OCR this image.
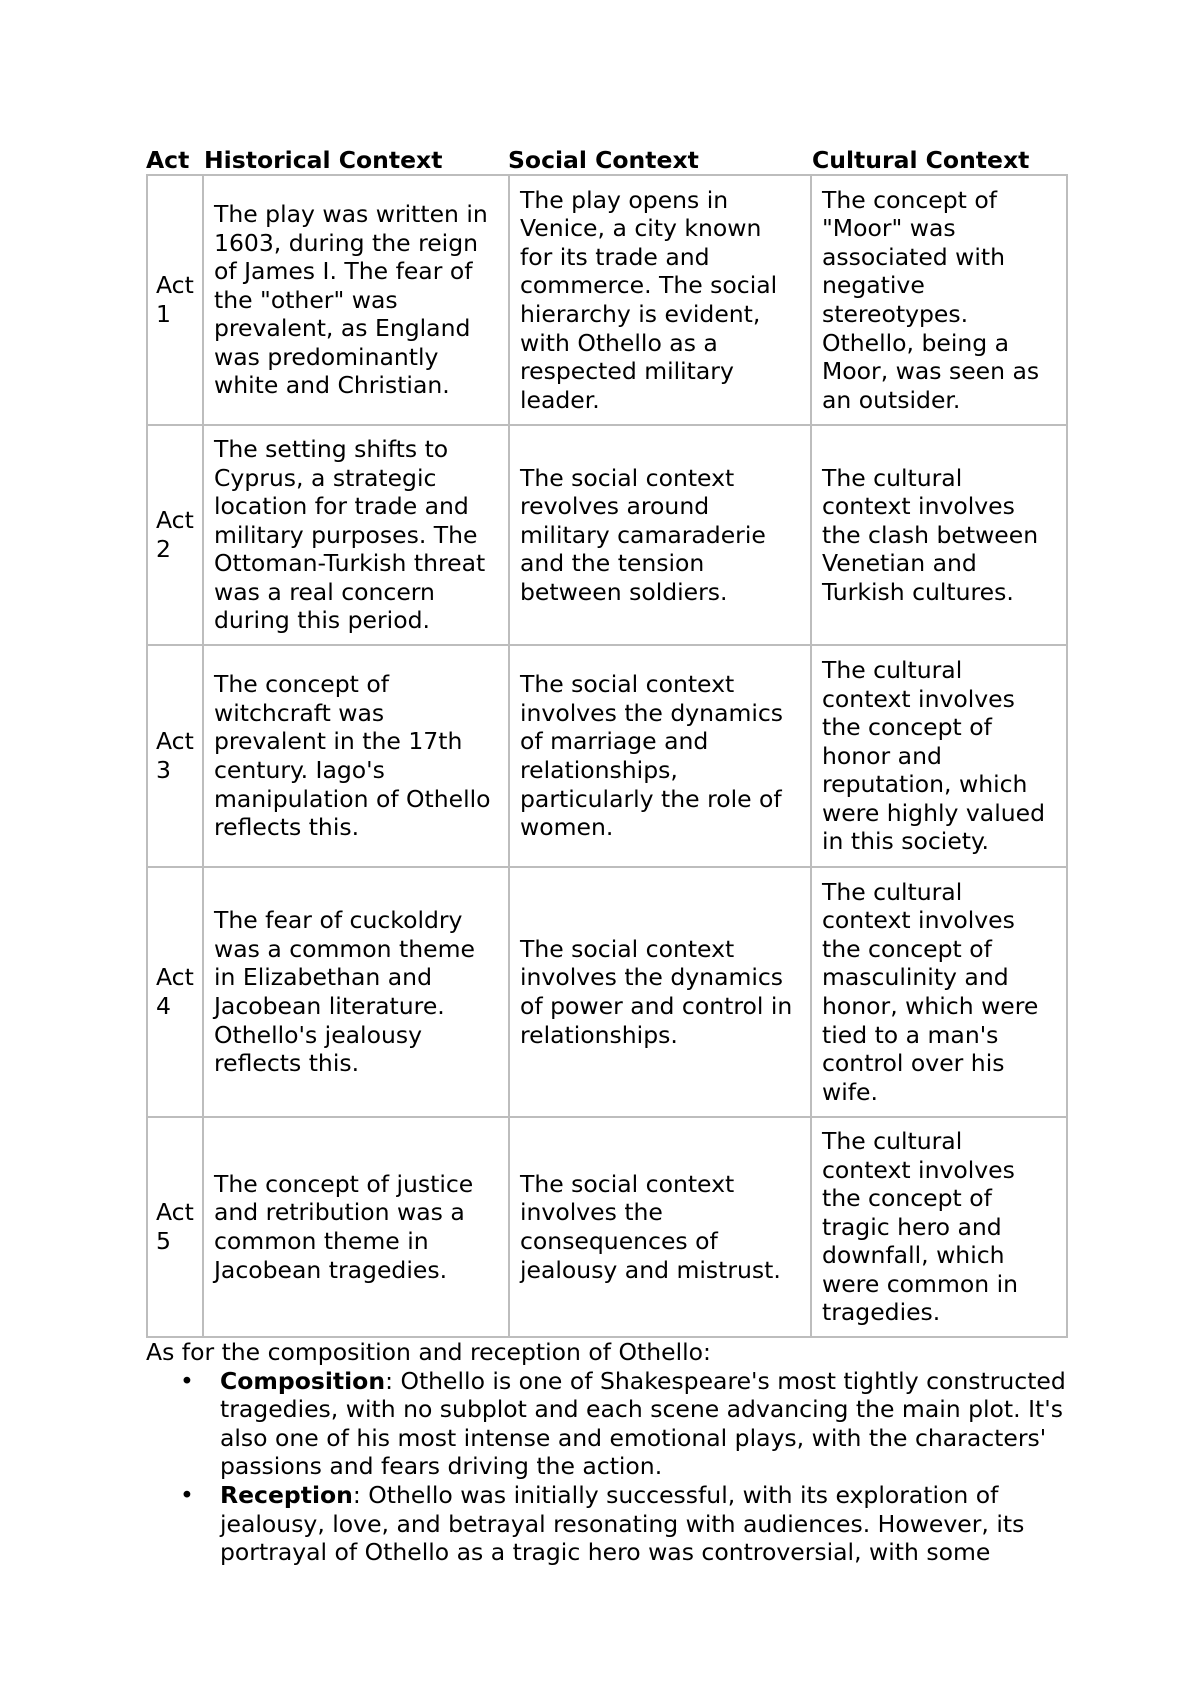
Act Historical Context	Social Context	Cultural Context
Act 1	The play was written in 1603, during the reign of James I. The fear of the "other" was prevalent, as England was predominantly white and Christian.	The play opens in Venice, a city known for its trade and commerce. The social hierarchy is evident, with Othello as a respected military leader.	The concept of "Moor" was associated with negative stereotypes. Othello, being a Moor, was seen as an outsider.
Act 2	The setting shifts to Cyprus, a strategic location for trade and military purposes. The Ottoman-Turkish threat was a real concern during this period.	The social context revolves around military camaraderie and the tension between soldiers.	The cultural context involves the clash between Venetian and Turkish cultures.
Act 3	The concept of witchcraft was prevalent in the 17th century. Iago's manipulation of Othello reflects this.	The social context involves the dynamics of marriage and relationships, particularly the role of women.	The cultural context involves the concept of honor and reputation, which were highly valued in this society.
Act 4	The fear of cuckoldry was a common theme in Elizabethan and Jacobean literature. Othello's jealousy reflects this.	The social context involves the dynamics of power and control in relationships.	The cultural context involves the concept of masculinity and honor, which were tied to a man's control over his wife.
Act 5	The concept of justice and retribution was a common theme in Jacobean tragedies.	The social context involves the consequences of jealousy and mistrust.	The cultural context involves the concept of tragic hero and downfall, which were common in tragedies.

As for the composition and reception of Othello:

• Composition: Othello is one of Shakespeare's most tightly constructed tragedies, with no subplot and each scene advancing the main plot. It's also one of his most intense and emotional plays, with the characters' passions and fears driving the action.
• Reception: Othello was initially successful, with its exploration of jealousy, love, and betrayal resonating with audiences. However, its portrayal of Othello as a tragic hero was controversial, with some
